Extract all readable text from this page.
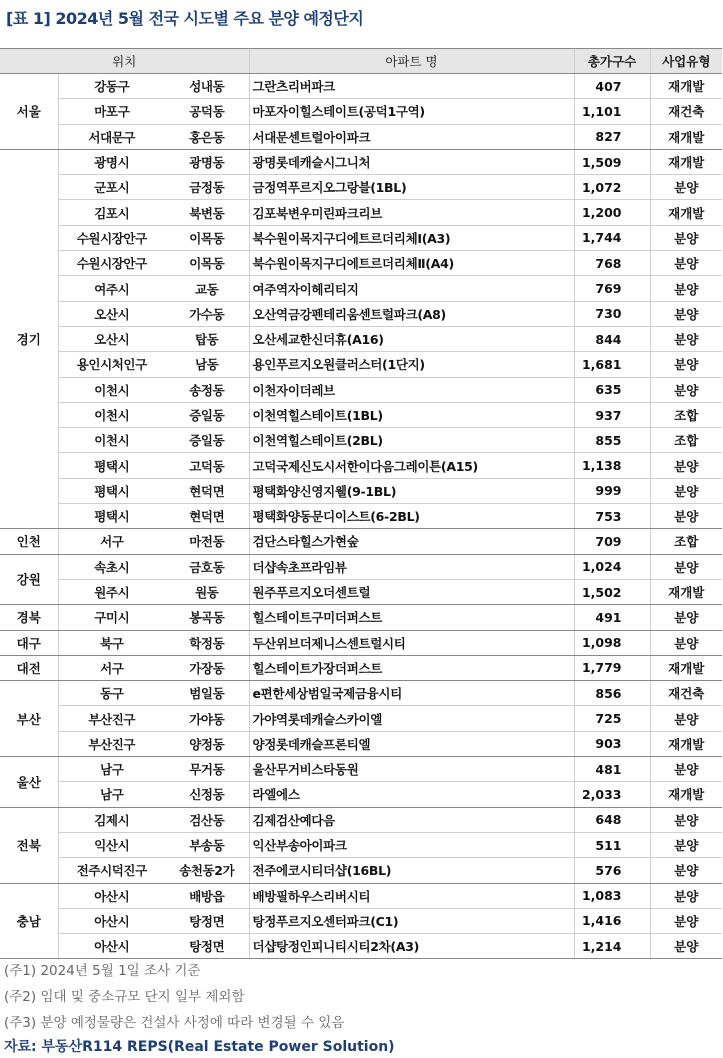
[표 1] 2024년 5월 전국 시도별 주요 분양 예정단지
위치			아파트 명	총가구수	사업유형
서울	강동구	성내동	그란츠리버파크	407	재개발
	마포구	공덕동	마포자이힐스테이트(공덕1구역)	1,101	재건축
	서대문구	홍은동	서대문센트럴아이파크	827	재개발
경기	광명시	광명동	광명롯데캐슬시그니처	1,509	재개발
	군포시	금정동	금정역푸르지오그랑블(1BL)	1,072	분양
	김포시	북변동	김포북변우미린파크리브	1,200	재개발
	수원시장안구	이목동	북수원이목지구디에트르더리체Ⅰ(A3)	1,744	분양
	수원시장안구	이목동	북수원이목지구디에트르더리체Ⅱ(A4)	768	분양
	여주시	교동	여주역자이헤리티지	769	분양
	오산시	가수동	오산역금강펜테리움센트럴파크(A8)	730	분양
	오산시	탑동	오산세교한신더휴(A16)	844	분양
	용인시처인구	남동	용인푸르지오원클러스터(1단지)	1,681	분양
	이천시	송정동	이천자이더레브	635	분양
	이천시	증일동	이천역힐스테이트(1BL)	937	조합
	이천시	증일동	이천역힐스테이트(2BL)	855	조합
	평택시	고덕동	고덕국제신도시서한이다음그레이튼(A15)	1,138	분양
	평택시	현덕면	평택화양신영지웰(9-1BL)	999	분양
	평택시	현덕면	평택화양동문디이스트(6-2BL)	753	분양
인천	서구	마전동	검단스타힐스가현숲	709	조합
강원	속초시	금호동	더샵속초프라임뷰	1,024	분양
	원주시	원동	원주푸르지오더센트럴	1,502	재개발
경북	구미시	봉곡동	힐스테이트구미더퍼스트	491	분양
대구	북구	학정동	두산위브더제니스센트럴시티	1,098	분양
대전	서구	가장동	힐스테이트가장더퍼스트	1,779	재개발
부산	동구	범일동	e편한세상범일국제금융시티	856	재건축
	부산진구	가야동	가야역롯데캐슬스카이엘	725	분양
	부산진구	양정동	양정롯데캐슬프론티엘	903	재개발
울산	남구	무거동	울산무거비스타동원	481	분양
	남구	신정동	라엘에스	2,033	재개발
전북	김제시	검산동	김제검산예다음	648	분양
	익산시	부송동	익산부송아이파크	511	분양
	전주시덕진구	송천동2가	전주에코시티더샵(16BL)	576	분양
충남	아산시	배방읍	배방필하우스리버시티	1,083	분양
	아산시	탕정면	탕정푸르지오센터파크(C1)	1,416	분양
	아산시	탕정면	더샵탕정인피니티시티2차(A3)	1,214	분양
(주1) 2024년 5월 1일 조사 기준
(주2) 임대 및 중소규모 단지 일부 제외함
(주3) 분양 예정물량은 건설사 사정에 따라 변경될 수 있음
자료: 부동산R114 REPS(Real Estate Power Solution)
